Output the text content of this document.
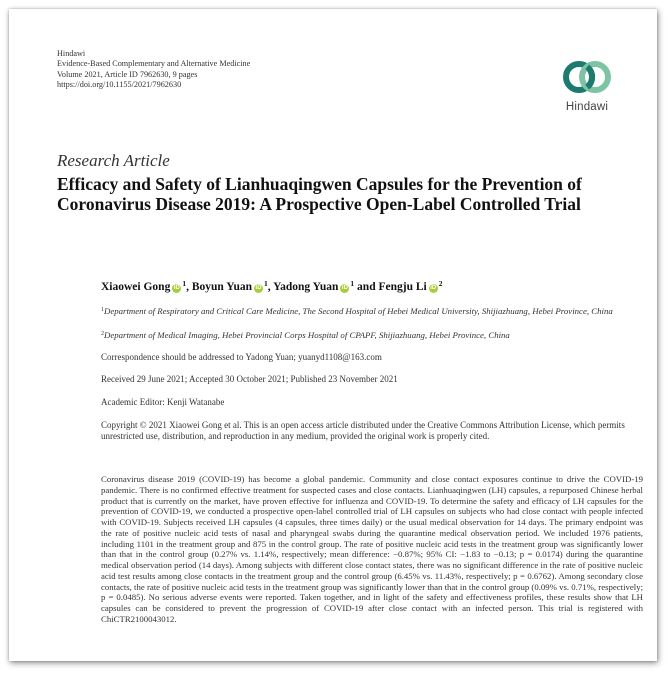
Hindawi
Evidence-Based Complementary and Alternative Medicine
Volume 2021, Article ID 7962630, 9 pages
https://doi.org/10.1155/2021/7962630
Hindawi
Research Article
Efficacy and Safety of Lianhuaqingwen Capsules for the Prevention of Coronavirus Disease 2019: A Prospective Open-Label Controlled Trial
Xiaowei Gong iD $^1$, Boyun Yuan iD $^1$, Yadong Yuan iD $^1$ and Fengju Li iD $^2$
$^1$Department of Respiratory and Critical Care Medicine, The Second Hospital of Hebei Medical University, Shijiazhuang, Hebei Province, China
$^2$Department of Medical Imaging, Hebei Provincial Corps Hospital of CPAPF, Shijiazhuang, Hebei Province, China
Correspondence should be addressed to Yadong Yuan; yuanyd1108@163.com
Received 29 June 2021; Accepted 30 October 2021; Published 23 November 2021
Academic Editor: Kenji Watanabe
Copyright © 2021 Xiaowei Gong et al. This is an open access article distributed under the Creative Commons Attribution License, which permits unrestricted use, distribution, and reproduction in any medium, provided the original work is properly cited.

Coronavirus disease 2019 (COVID-19) has become a global pandemic. Community and close contact exposures continue to drive the COVID-19 pandemic. There is no confirmed effective treatment for suspected cases and close contacts. Lianhuaqingwen (LH) capsules, a repurposed Chinese herbal product that is currently on the market, have proven effective for influenza and COVID-19. To determine the safety and efficacy of LH capsules for the prevention of COVID-19, we conducted a prospective open-label controlled trial of LH capsules on subjects who had close contact with people infected with COVID-19. Subjects received LH capsules (4 capsules, three times daily) or the usual medical observation for 14 days. The primary endpoint was the rate of positive nucleic acid tests of nasal and pharyngeal swabs during the quarantine medical observation period. We included 1976 patients, including 1101 in the treatment group and 875 in the control group. The rate of positive nucleic acid tests in the treatment group was significantly lower than that in the control group (0.27% vs. 1.14%, respectively; mean difference: −0.87%; 95% CI: −1.83 to −0.13; p = 0.0174) during the quarantine medical observation period (14 days). Among subjects with different close contact states, there was no significant difference in the rate of positive nucleic acid test results among close contacts in the treatment group and the control group (6.45% vs. 11.43%, respectively; p = 0.6762). Among secondary close contacts, the rate of positive nucleic acid tests in the treatment group was significantly lower than that in the control group (0.09% vs. 0.71%, respectively; p = 0.0485). No serious adverse events were reported. Taken together, and in light of the safety and effectiveness profiles, these results show that LH capsules can be considered to prevent the progression of COVID-19 after close contact with an infected person. This trial is registered with ChiCTR2100043012.
